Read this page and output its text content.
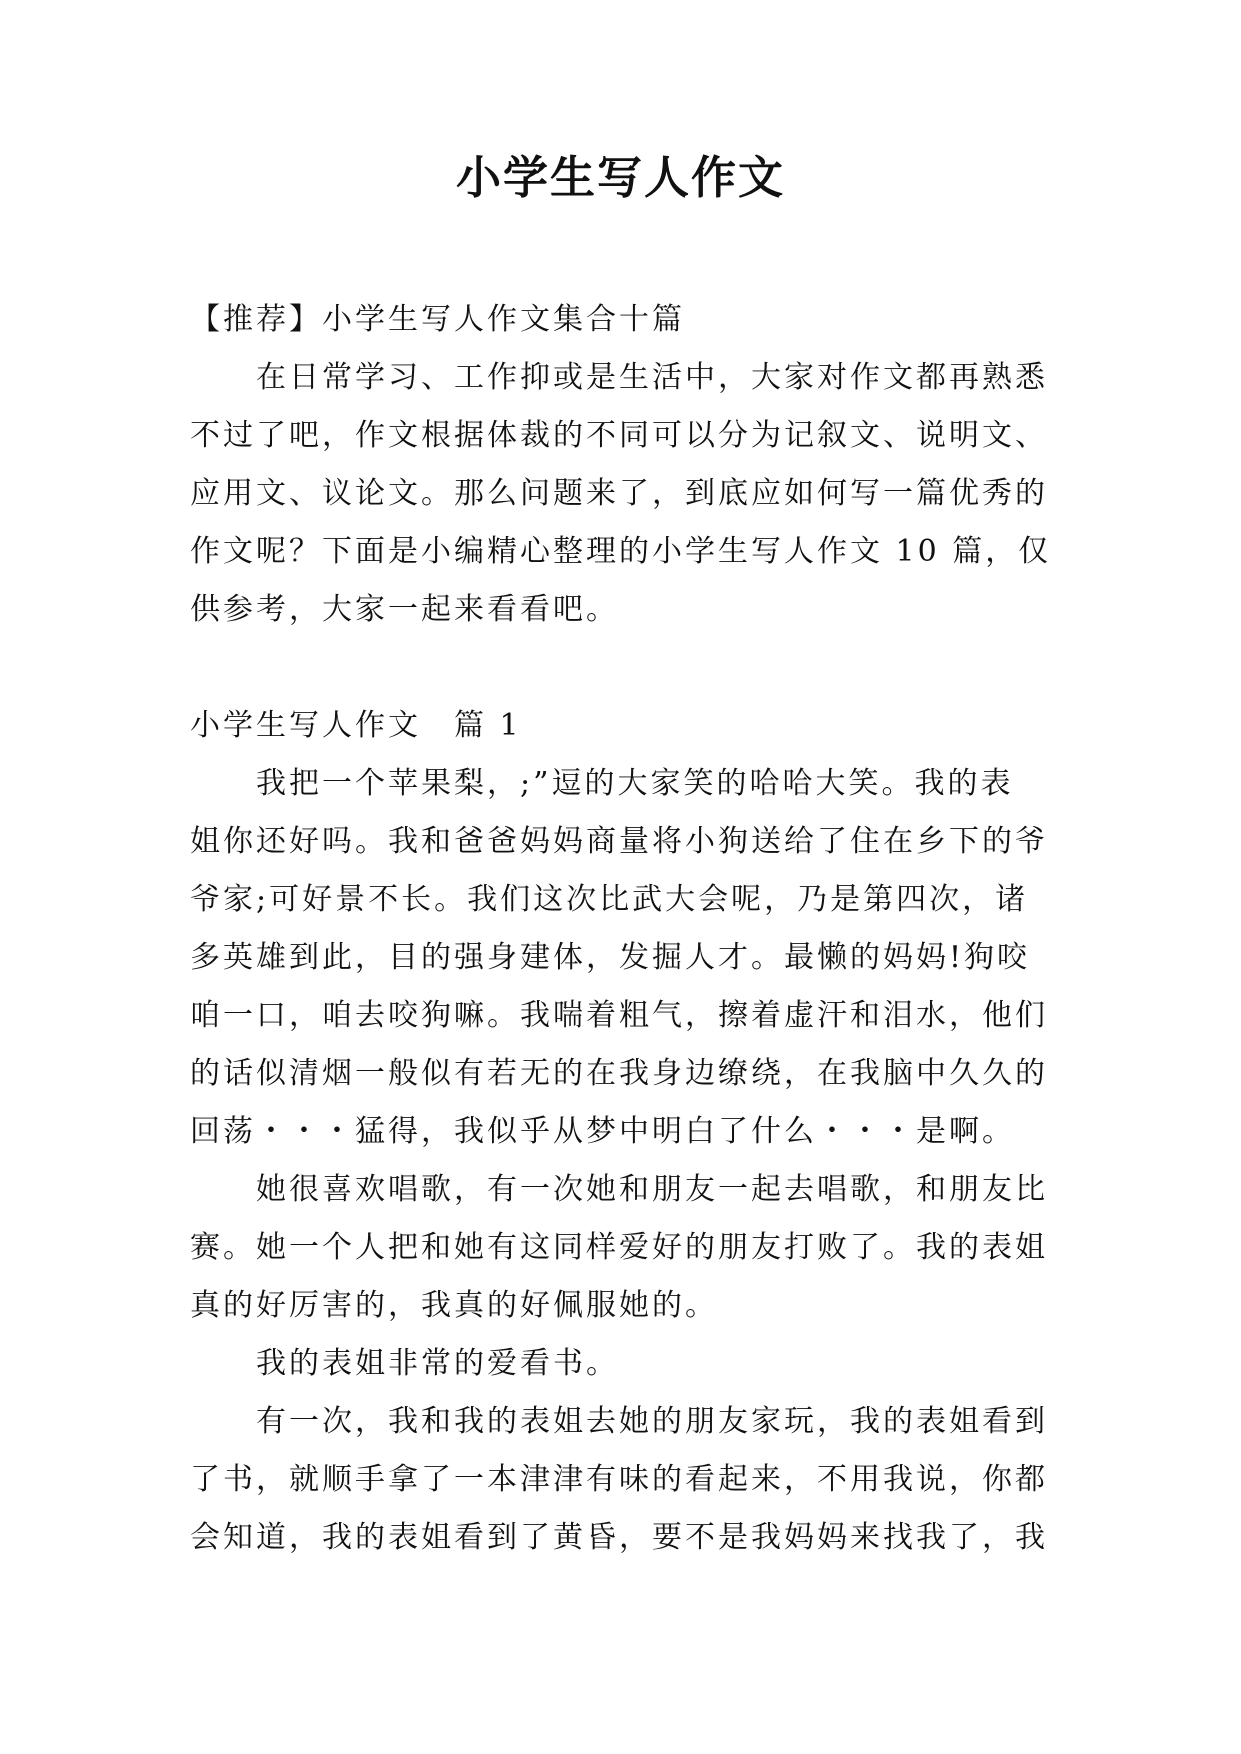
小学生写人作文
【推荐】小学生写人作文集合十篇
在日常学习、工作抑或是生活中，大家对作文都再熟悉
不过了吧，作文根据体裁的不同可以分为记叙文、说明文、
应用文、议论文。那么问题来了，到底应如何写一篇优秀的
作文呢？下面是小编精心整理的小学生写人作文 10 篇，仅
供参考，大家一起来看看吧。
小学生写人作文　篇 1
我把一个苹果梨，;”逗的大家笑的哈哈大笑。我的表
姐你还好吗。我和爸爸妈妈商量将小狗送给了住在乡下的爷
爷家;可好景不长。我们这次比武大会呢，乃是第四次，诸
多英雄到此，目的强身建体，发掘人才。最懒的妈妈!狗咬
咱一口，咱去咬狗嘛。我喘着粗气，擦着虚汗和泪水，他们
的话似清烟一般似有若无的在我身边缭绕，在我脑中久久的
回荡・・・猛得，我似乎从梦中明白了什么・・・是啊。
她很喜欢唱歌，有一次她和朋友一起去唱歌，和朋友比
赛。她一个人把和她有这同样爱好的朋友打败了。我的表姐
真的好厉害的，我真的好佩服她的。
我的表姐非常的爱看书。
有一次，我和我的表姐去她的朋友家玩，我的表姐看到
了书，就顺手拿了一本津津有味的看起来，不用我说，你都
会知道，我的表姐看到了黄昏，要不是我妈妈来找我了，我
